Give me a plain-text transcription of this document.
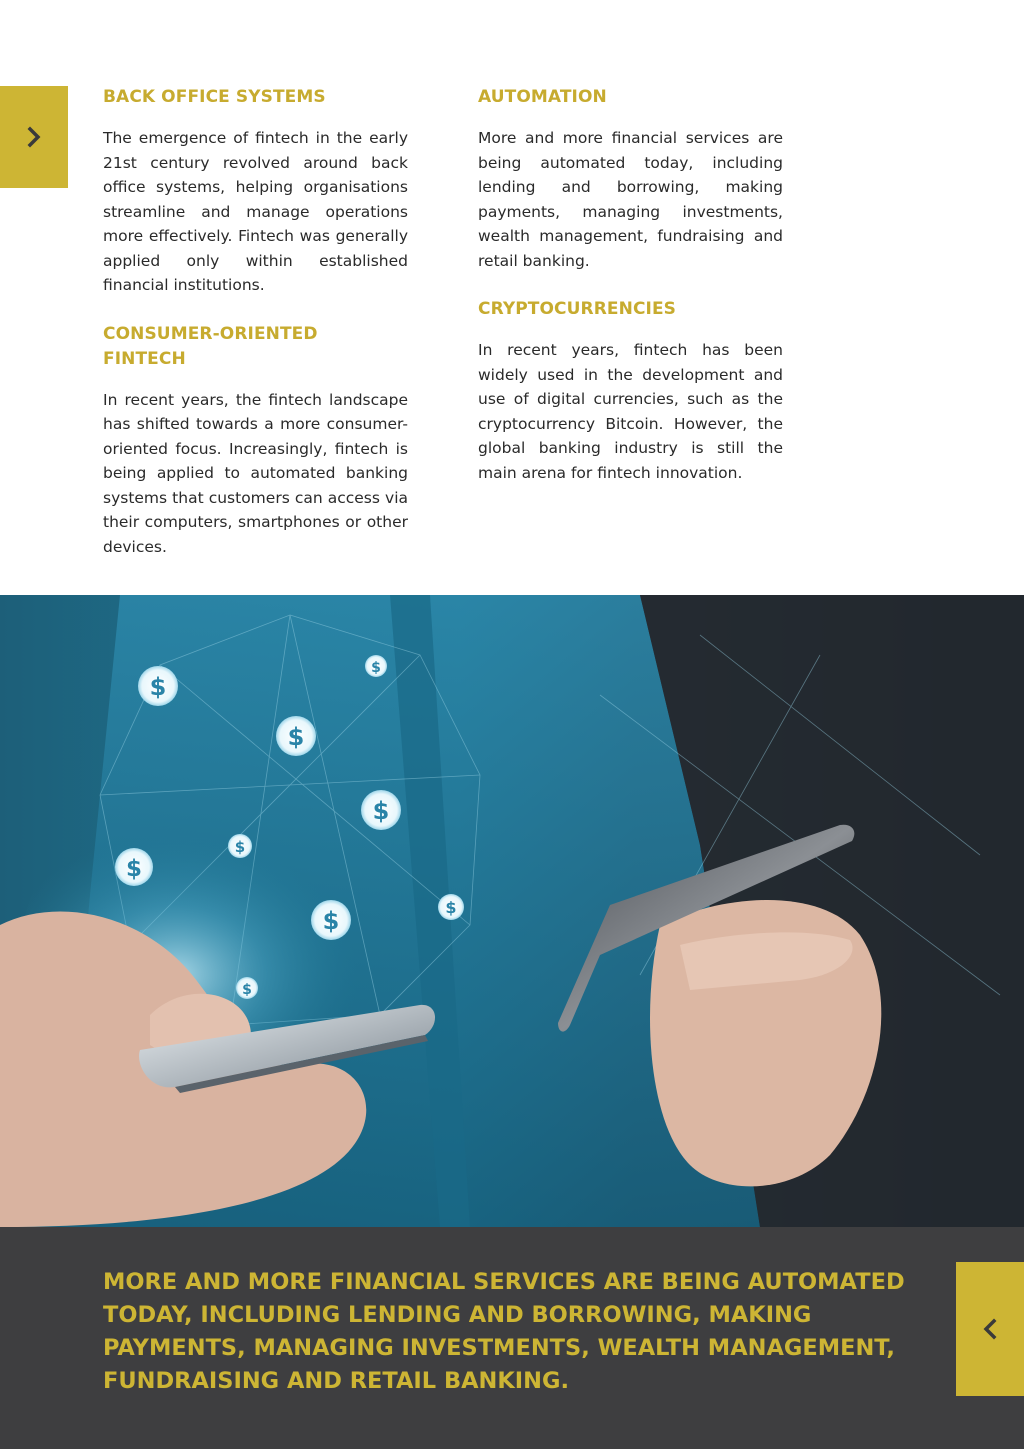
BACK OFFICE SYSTEMS

The emergence of fintech in the early 21st century revolved around back office systems, helping organisations streamline and manage operations more effectively. Fintech was generally applied only within established financial institutions.

CONSUMER-ORIENTED FINTECH

In recent years, the fintech landscape has shifted towards a more consumer-oriented focus. Increasingly, fintech is being applied to automated banking systems that customers can access via their computers, smartphones or other devices.

AUTOMATION

More and more financial services are being automated today, including lending and borrowing, making payments, managing investments, wealth management, fundraising and retail banking.

CRYPTOCURRENCIES

In recent years, fintech has been widely used in the development and use of digital currencies, such as the cryptocurrency Bitcoin. However, the global banking industry is still the main arena for fintech innovation.

$
$
$
$
$
$
$	$
$
MORE AND MORE FINANCIAL SERVICES ARE BEING AUTOMATED TODAY, INCLUDING LENDING AND BORROWING, MAKING PAYMENTS, MANAGING INVESTMENTS, WEALTH MANAGEMENT, FUNDRAISING AND RETAIL BANKING.
